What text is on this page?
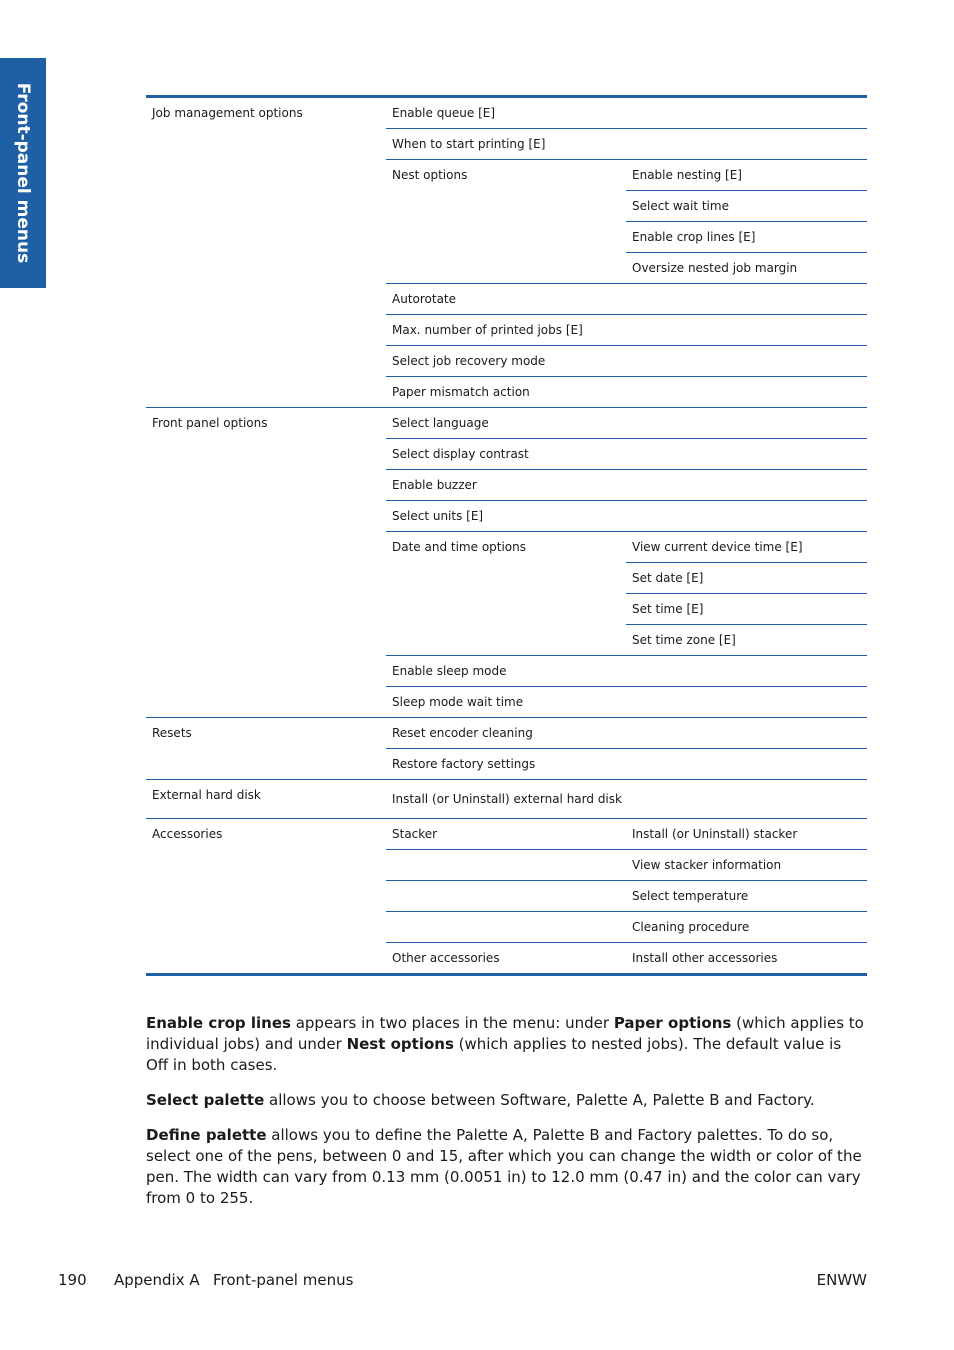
Front-panel menus	Job management options	Enable queue [E]	
	When to start printing [E]	
	Nest options	Enable nesting [E]
		Select wait time
		Enable crop lines [E]
		Oversize nested job margin
	Autorotate	
	Max. number of printed jobs [E]	
	Select job recovery mode	
	Paper mismatch action	
Front panel options	Select language	
	Select display contrast	
	Enable buzzer	
	Select units [E]	
	Date and time options	View current device time [E]
		Set date [E]
		Set time [E]
		Set time zone [E]
	Enable sleep mode	
	Sleep mode wait time	
Resets	Reset encoder cleaning	
	Restore factory settings	
External hard disk	Install (or Uninstall) external hard disk	
Accessories	Stacker	Install (or Uninstall) stacker
		View stacker information
		Select temperature
		Cleaning procedure
	Other accessories	Install other accessories

Enable crop lines appears in two places in the menu: under Paper options (which applies to individual jobs) and under Nest options (which applies to nested jobs). The default value is Off in both cases.

Select palette allows you to choose between Software, Palette A, Palette B and Factory.

Define palette allows you to define the Palette A, Palette B and Factory palettes. To do so, select one of the pens, between 0 and 15, after which you can change the width or color of the pen. The width can vary from 0.13 mm (0.0051 in) to 12.0 mm (0.47 in) and the color can vary from 0 to 255.

190 Appendix A Front-panel menus	ENWW
